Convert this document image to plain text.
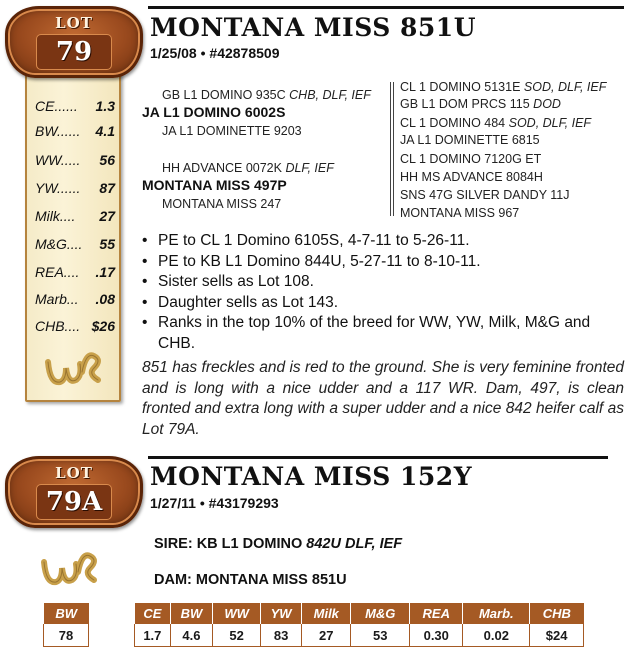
CE...... 1.3
BW...... 4.1
WW..... 56
YW...... 87
Milk.... 27
M&G.... 55
REA.... .17
Marb... .08
CHB.... $26
LOT
79
MONTANA MISS 851U
1/25/08 • #42878509
GB L1 DOMINO 935C CHB, DLF, IEF
JA L1 DOMINO 6002S
JA L1 DOMINETTE 9203
HH ADVANCE 0072K DLF, IEF
MONTANA MISS 497P
MONTANA MISS 247
CL 1 DOMINO 5131E SOD, DLF, IEF
GB L1 DOM PRCS 115 DOD
CL 1 DOMINO 484 SOD, DLF, IEF
JA L1 DOMINETTE 6815
CL 1 DOMINO 7120G ET
HH MS ADVANCE 8084H
SNS 47G SILVER DANDY 11J
MONTANA MISS 967
• PE to CL 1 Domino 6105S, 4-7-11 to 5-26-11.
• PE to KB L1 Domino 844U, 5-27-11 to 8-10-11.
• Sister sells as Lot 108.
• Daughter sells as Lot 143.
• Ranks in the top 10% of the breed for WW, YW, Milk, M&G and CHB.
851 has freckles and is red to the ground. She is very feminine fronted and is long with a nice udder and a 117 WR. Dam, 497, is clean fronted and extra long with a super udder and a nice 842 heifer calf as Lot 79A.
LOT
79A
MONTANA MISS 152Y
1/27/11 • #43179293
SIRE: KB L1 DOMINO 842U DLF, IEF
DAM: MONTANA MISS 851U
BW
78
CE	BW	WW	YW	Milk	M&G	REA	Marb.	CHB
1.7	4.6	52	83	27	53	0.30	0.02	$24
